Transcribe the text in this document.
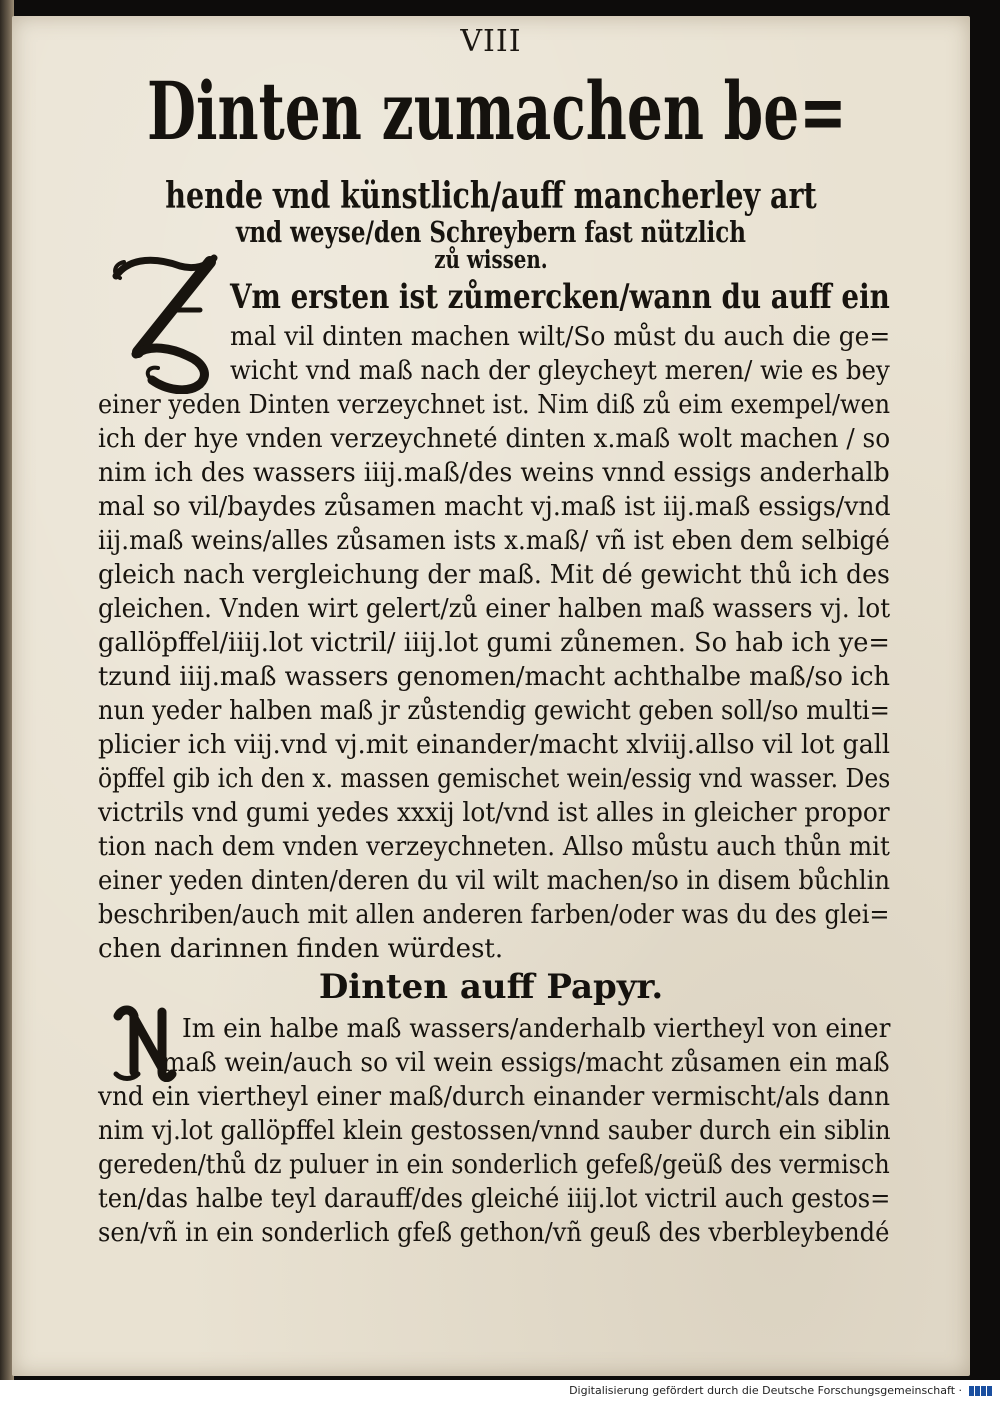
VIII
Dinten zumachen be=
hende vnd künstlich/auff mancherley art
vnd weyse/den Schreybern fast nützlich
zů wissen.
Vm ersten ist zůmercken/wann du auff ein
mal vil dinten machen wilt/So můst du auch die ge=
wicht vnd maß nach der gleycheyt meren/ wie es bey
einer yeden Dinten verzeychnet ist. Nim diß zů eim exempel/wen
ich der hye vnden verzeychneté dinten x.maß wolt machen / so
nim ich des wassers iiij.maß/des weins vnnd essigs anderhalb
mal so vil/baydes zůsamen macht vj.maß ist iij.maß essigs/vnd
iij.maß weins/alles zůsamen ists x.maß/ vñ ist eben dem selbigé
gleich nach vergleichung der maß. Mit dé gewicht thů ich des
gleichen. Vnden wirt gelert/zů einer halben maß wassers vj. lot
gallöpffel/iiij.lot victril/ iiij.lot gumi zůnemen. So hab ich ye=
tzund iiij.maß wassers genomen/macht achthalbe maß/so ich
nun yeder halben maß jr zůstendig gewicht geben soll/so multi=
plicier ich viij.vnd vj.mit einander/macht xlviij.allso vil lot gall
öpffel gib ich den x. massen gemischet wein/essig vnd wasser. Des
victrils vnd gumi yedes xxxij lot/vnd ist alles in gleicher propor
tion nach dem vnden verzeychneten. Allso můstu auch thůn mit
einer yeden dinten/deren du vil wilt machen/so in disem bůchlin
beschriben/auch mit allen anderen farben/oder was du des glei=
chen darinnen finden würdest.
Dinten auff Papyr.
Im ein halbe maß wassers/anderhalb viertheyl von einer
maß wein/auch so vil wein essigs/macht zůsamen ein maß
vnd ein viertheyl einer maß/durch einander vermischt/als dann
nim vj.lot gallöpffel klein gestossen/vnnd sauber durch ein siblin
gereden/thů dz puluer in ein sonderlich gefeß/geüß des vermisch
ten/das halbe teyl darauff/des gleiché iiij.lot victril auch gestos=
sen/vñ in ein sonderlich gfeß gethon/vñ geuß des vberbleybendé
Digitalisierung gefördert durch die Deutsche Forschungsgemeinschaft ·
